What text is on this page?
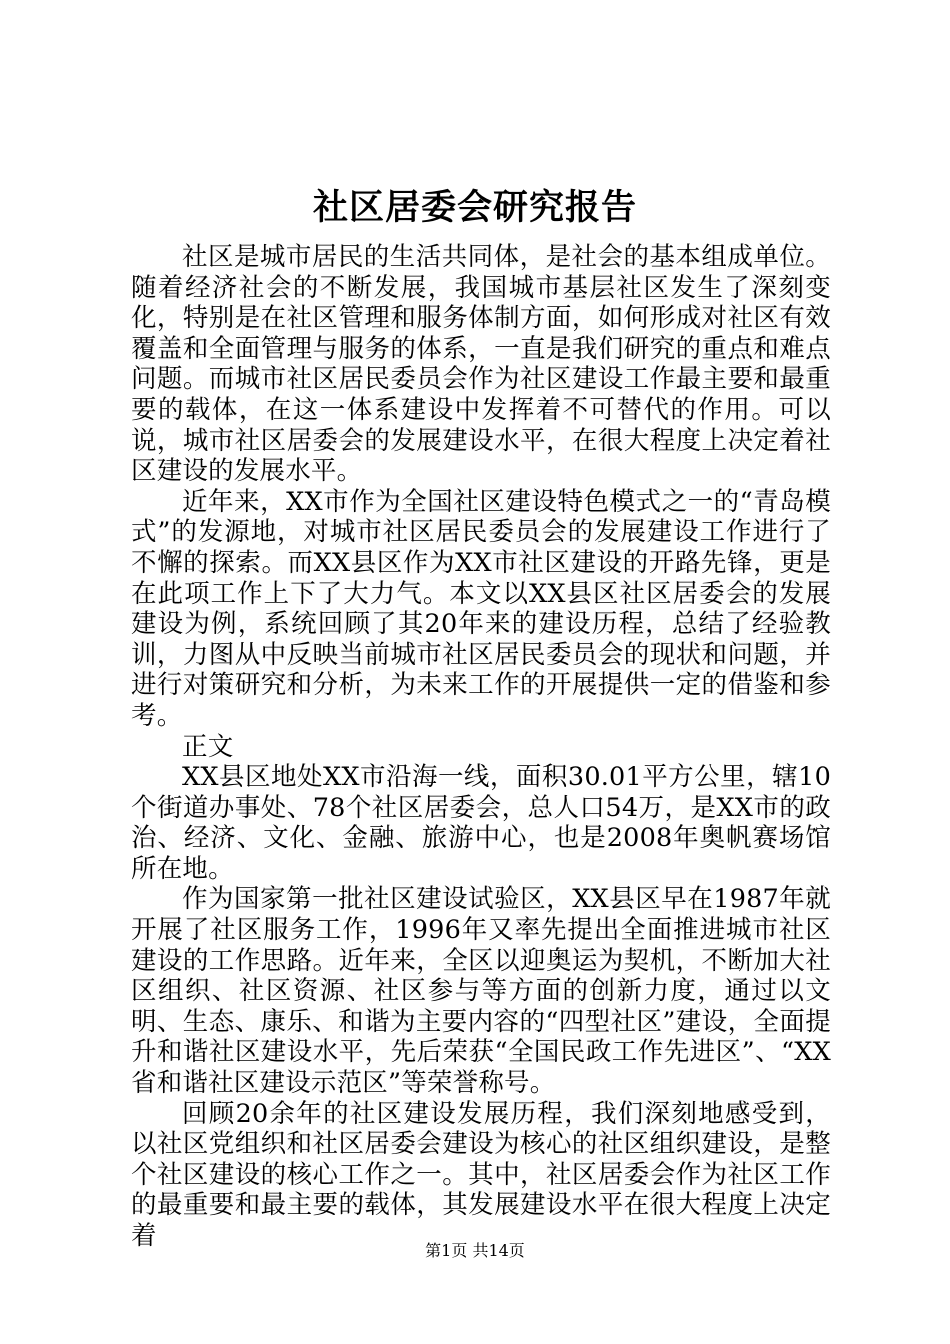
社区居委会研究报告

社区是城市居民的生活共同体，是社会的基本组成单位。随着经济社会的不断发展，我国城市基层社区发生了深刻变化，特别是在社区管理和服务体制方面，如何形成对社区有效覆盖和全面管理与服务的体系，一直是我们研究的重点和难点问题。而城市社区居民委员会作为社区建设工作最主要和最重要的载体，在这一体系建设中发挥着不可替代的作用。可以说，城市社区居委会的发展建设水平，在很大程度上决定着社区建设的发展水平。

近年来，XX市作为全国社区建设特色模式之一的“青岛模式”的发源地，对城市社区居民委员会的发展建设工作进行了不懈的探索。而XX县区作为XX市社区建设的开路先锋，更是在此项工作上下了大力气。本文以XX县区社区居委会的发展建设为例，系统回顾了其20年来的建设历程，总结了经验教训，力图从中反映当前城市社区居民委员会的现状和问题，并进行对策研究和分析，为未来工作的开展提供一定的借鉴和参考。

正文

XX县区地处XX市沿海一线，面积30.01平方公里，辖10个街道办事处、78个社区居委会，总人口54万，是XX市的政治、经济、文化、金融、旅游中心，也是2008年奥帆赛场馆所在地。

作为国家第一批社区建设试验区，XX县区早在1987年就开展了社区服务工作，1996年又率先提出全面推进城市社区建设的工作思路。近年来，全区以迎奥运为契机，不断加大社区组织、社区资源、社区参与等方面的创新力度，通过以文明、生态、康乐、和谐为主要内容的“四型社区”建设，全面提升和谐社区建设水平，先后荣获“全国民政工作先进区”、“XX省和谐社区建设示范区”等荣誉称号。

回顾20余年的社区建设发展历程，我们深刻地感受到，以社区党组织和社区居委会建设为核心的社区组织建设，是整个社区建设的核心工作之一。其中，社区居委会作为社区工作的最重要和最主要的载体，其发展建设水平在很大程度上决定着	第1页 共14页
